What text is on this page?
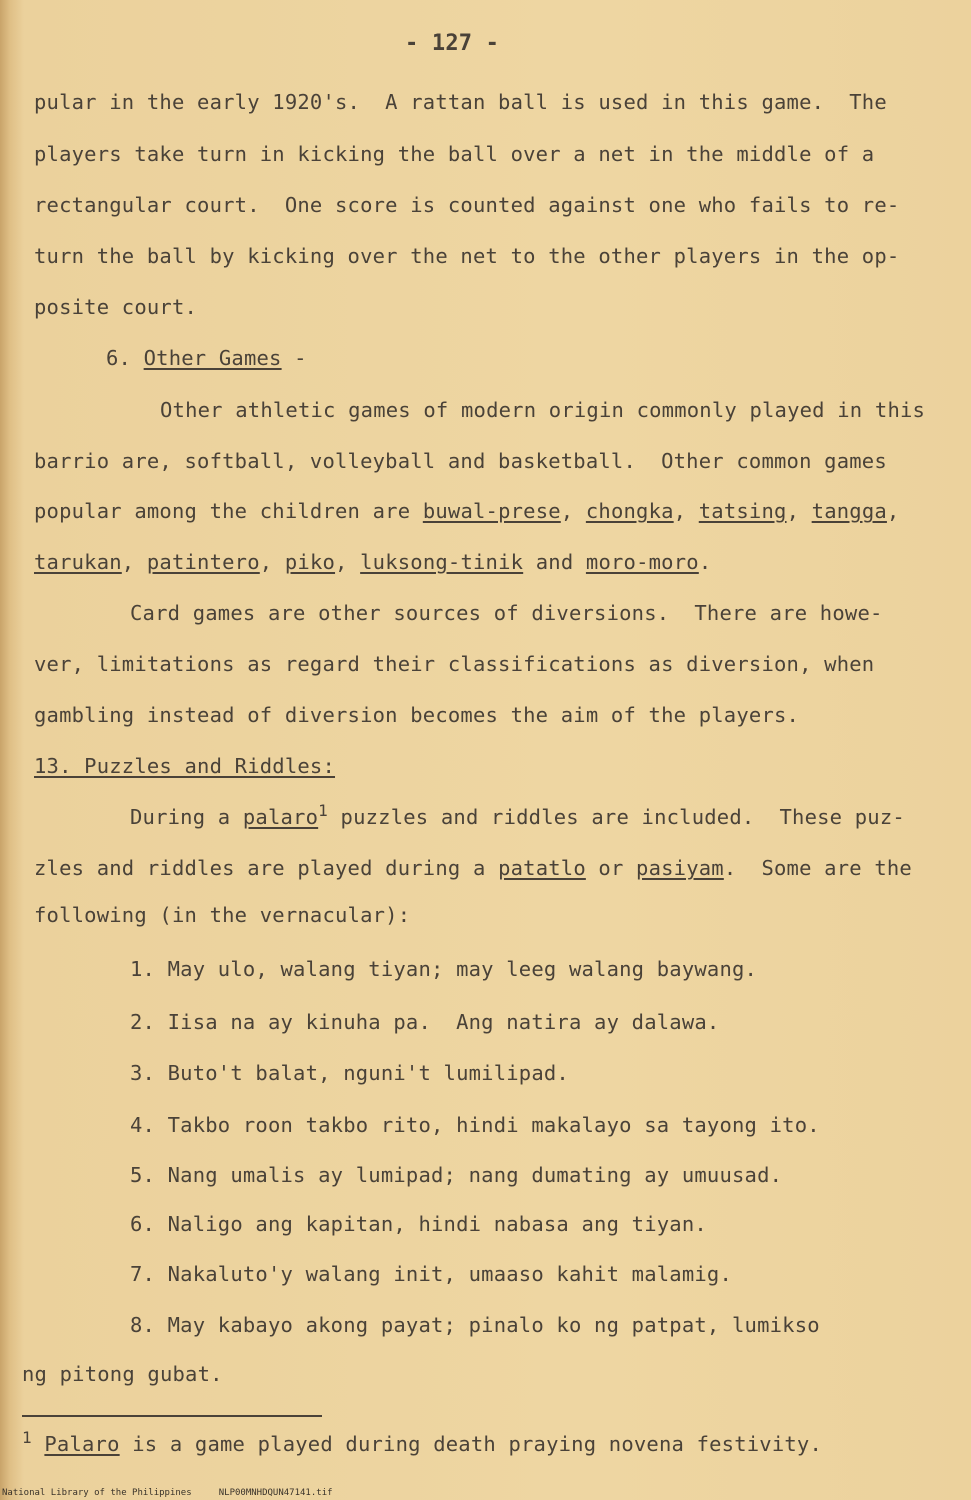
- 127 -
pular in the early 1920's.  A rattan ball is used in this game.  The
players take turn in kicking the ball over a net in the middle of a
rectangular court.  One score is counted against one who fails to re-
turn the ball by kicking over the net to the other players in the op-
posite court.
6. Other Games -
Other athletic games of modern origin commonly played in this
barrio are, softball, volleyball and basketball.  Other common games
popular among the children are buwal-prese, chongka, tatsing, tangga,
tarukan, patintero, piko, luksong-tinik and moro-moro.
Card games are other sources of diversions.  There are howe-
ver, limitations as regard their classifications as diversion, when
gambling instead of diversion becomes the aim of the players.
13. Puzzles and Riddles:
During a palaro$^1$ puzzles and riddles are included.  These puz-
zles and riddles are played during a patatlo or pasiyam.  Some are the
following (in the vernacular):
1. May ulo, walang tiyan; may leeg walang baywang.
2. Iisa na ay kinuha pa.  Ang natira ay dalawa.
3. Buto't balat, nguni't lumilipad.
4. Takbo roon takbo rito, hindi makalayo sa tayong ito.
5. Nang umalis ay lumipad; nang dumating ay umuusad.
6. Naligo ang kapitan, hindi nabasa ang tiyan.
7. Nakaluto'y walang init, umaaso kahit malamig.
8. May kabayo akong payat; pinalo ko ng patpat, lumikso
ng pitong gubat.
$^1$ Palaro is a game played during death praying novena festivity.
National Library of the Philippines     NLP00MNHDQUN47141.tif
